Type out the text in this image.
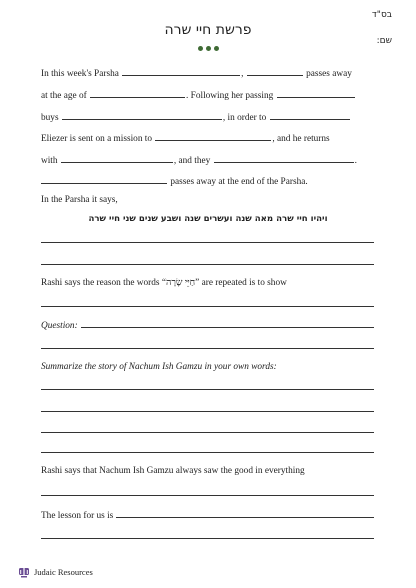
בס"ד
שם:
פרשת חיי שרה
In this week's Parsha	,	passes away
at the age of	. Following her passing
buys	, in order to
Eliezer is sent on a mission to	, and he returns
with	, and they	.
passes away at the end of the Parsha.
In the Parsha it says,
ויהיו חיי שרה מאה שנה ועשרים שנה ושבע שנים שני חיי שרה
Rashi says the reason the words “חַיֵּי שָׂרָה” are repeated is to show
Question:
Summarize the story of Nachum Ish Gamzu in your own words:
Rashi says that Nachum Ish Gamzu always saw the good in everything
The lesson for us is
Judaic Resources
